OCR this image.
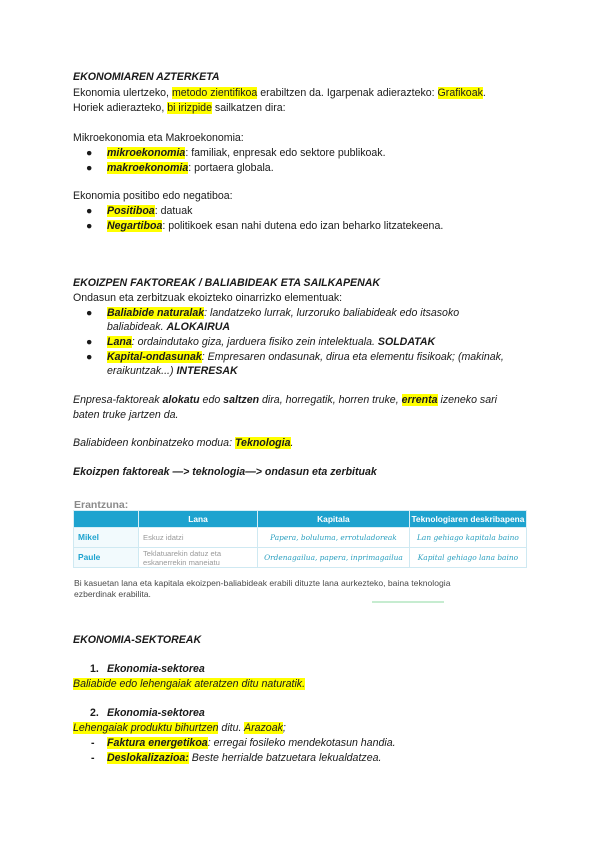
EKONOMIAREN AZTERKETA
Ekonomia ulertzeko, metodo zientifikoa erabiltzen da. Igarpenak adierazteko: Grafikoak.
Horiek adierazteko, bi irizpide sailkatzen dira:
Mikroekonomia eta Makroekonomia:
●	mikroekonomia: familiak, enpresak edo sektore publikoak.
●	makroekonomia: portaera globala.
Ekonomia positibo edo negatiboa:
●	Positiboa: datuak
●	Negartiboa: politikoek esan nahi dutena edo izan beharko litzatekeena.
EKOIZPEN FAKTOREAK / BALIABIDEAK ETA SAILKAPENAK
Ondasun eta zerbitzuak ekoizteko oinarrizko elementuak:
●	Baliabide naturalak: landatzeko lurrak, lurzoruko baliabideak edo itsasoko
baliabideak. ALOKAIRUA
●	Lana: ordaindutako giza, jarduera fisiko zein intelektuala. SOLDATAK
●	Kapital-ondasunak: Empresaren ondasunak, dirua eta elementu fisikoak; (makinak,
eraikuntzak...) INTERESAK
Enpresa-faktoreak alokatu edo saltzen dira, horregatik, horren truke, errenta izeneko sari
baten truke jartzen da.
Baliabideen konbinatzeko modua: Teknologia.
Ekoizpen faktoreak —> teknologia—> ondasun eta zerbituak
Erantzuna:
	Lana	Kapitala	Teknologiaren deskribapena
Mikel	Eskuz idatzi	Papera, boluluma, errotuladoreak	Lan gehiago kapitala baino
Paule	Teklatuarekin datuz eta eskanerrekin maneiatu	Ordenagailua, papera, inprimagailua	Kapital gehiago lana baino
Bi kasuetan lana eta kapitala ekoizpen-baliabideak erabili dituzte lana aurkezteko, baina teknologia ezberdinak erabilita.
EKONOMIA-SEKTOREAK
1. Ekonomia-sektorea
Baliabide edo lehengaiak ateratzen ditu naturatik.
2. Ekonomia-sektorea
Lehengaiak produktu bihurtzen ditu. Arazoak;
- Faktura energetikoa: erregai fosileko mendekotasun handia.
- Deslokalizazioa: Beste herrialde batzuetara lekualdatzea.
